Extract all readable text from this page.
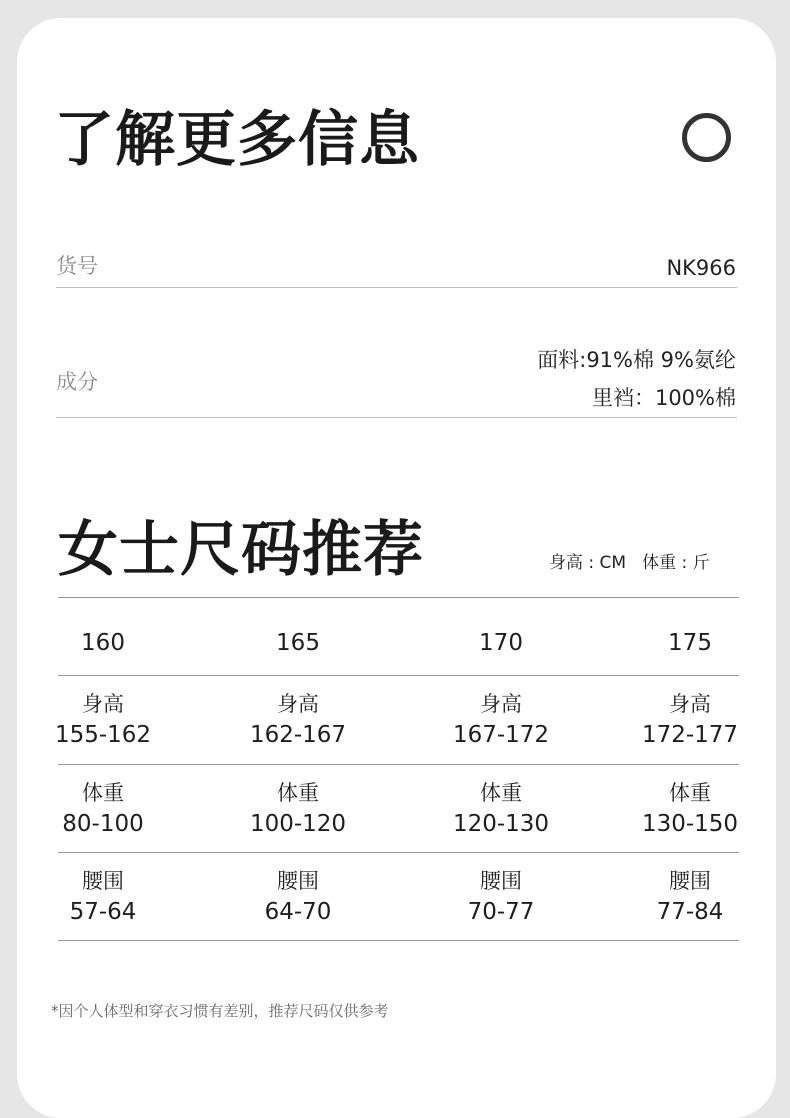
了解更多信息
货号	NK966
成分
面料:91%棉 9%氨纶
里裆：100%棉
女士尺码推荐	身高 : CM 体重 : 斤
160
身高
155-162
体重
80-100
腰围
57-64
165
身高
162-167
体重
100-120
腰围
64-70
170
身高
167-172
体重
120-130
腰围
70-77
175
身高
172-177
体重
130-150
腰围
77-84
*因个人体型和穿衣习惯有差别，推荐尺码仅供参考
